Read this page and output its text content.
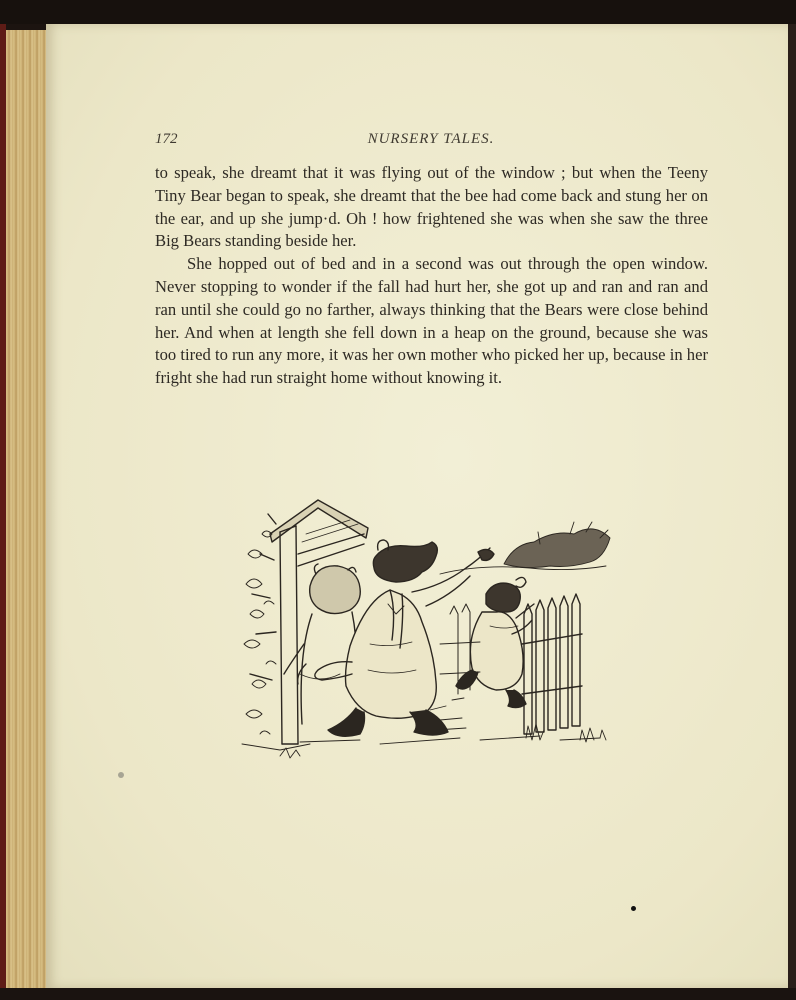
172	NURSERY TALES.

to speak, she dreamt that it was flying out of the window ; but when the Teeny Tiny Bear began to speak, she dreamt that the bee had come back and stung her on the ear, and up she jump·d. Oh ! how frightened she was when she saw the three Big Bears standing beside her.

She hopped out of bed and in a second was out through the open window. Never stopping to wonder if the fall had hurt her, she got up and ran and ran and ran until she could go no farther, always thinking that the Bears were close behind her. And when at length she fell down in a heap on the ground, because she was too tired to run any more, it was her own mother who picked her up, because in her fright she had run straight home without knowing it.
